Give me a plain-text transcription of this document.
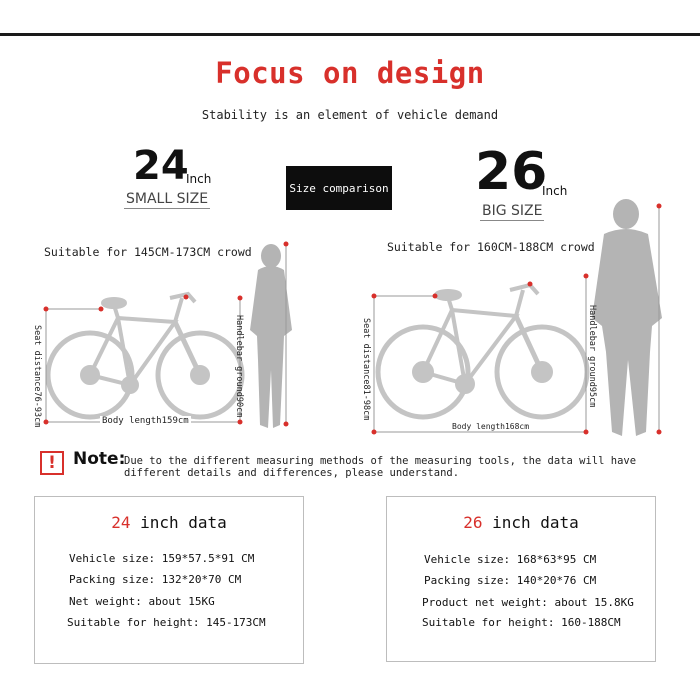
Focus on design
Stability is an element of vehicle demand
24
Inch
SMALL SIZE
Size comparison 26
Inch
BIG SIZE
Suitable for 145CM-173CM crowd	Suitable for 160CM-188CM crowd
Seat distance76-93cm	Handlebar ground90cm
Body length159cm
Seat distance81-98cm	Handlebar ground95cm
Body length168cm
!	Note:
Due to the different measuring methods of the measuring tools, the data will have different details and differences, please understand.
24 inch data
Vehicle size: 159*57.5*91 CM
Packing size: 132*20*70 CM
Net weight: about 15KG
Suitable for height: 145-173CM
26 inch data
Vehicle size: 168*63*95 CM
Packing size: 140*20*76 CM
Product net weight: about 15.8KG
Suitable for height: 160-188CM
